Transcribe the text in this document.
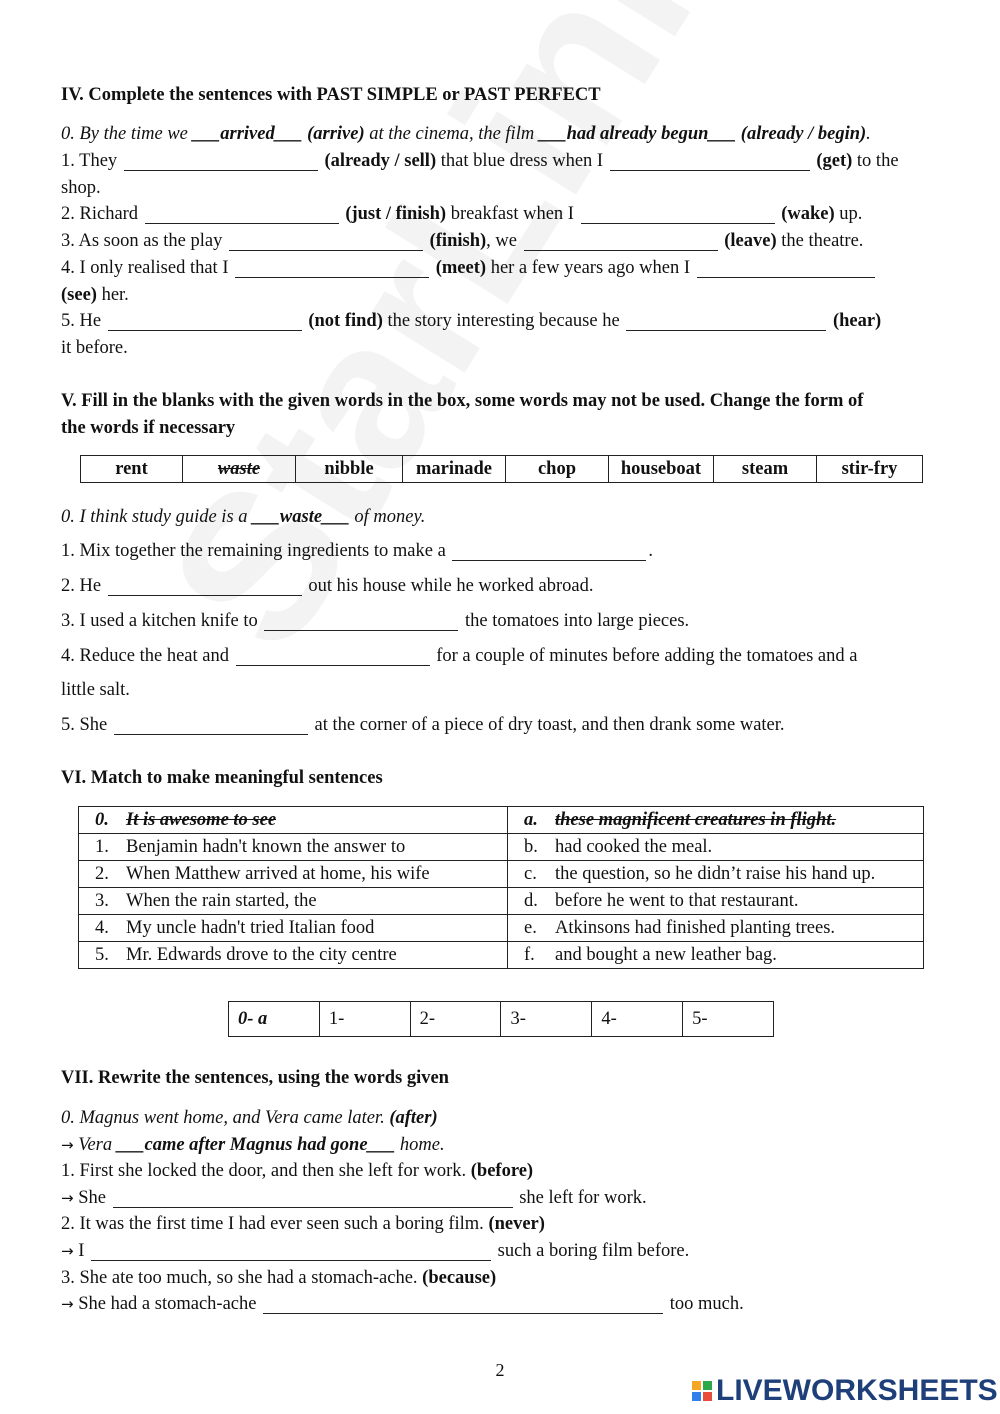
IV. Complete the sentences with PAST SIMPLE or PAST PERFECT
0. By the time we ___arrived___ (arrive) at the cinema, the film ___had already begun___ (already / begin).
1. They	(already / sell) that blue dress when I	(get) to the
shop.
2. Richard	(just / finish) breakfast when I	(wake) up.
3. As soon as the play	(finish), we	(leave) the theatre.
4. I only realised that I	(meet) her a few years ago when I
(see) her.
5. He	(not find) the story interesting because he	(hear)
it before.
V. Fill in the blanks with the given words in the box, some words may not be used. Change the form of
the words if necessary
rent	waste	nibble	marinade	chop	houseboat	steam	stir-fry
0. I think study guide is a ___waste___ of money.
1. Mix together the remaining ingredients to make a	.
2. He	out his house while he worked abroad.
3. I used a kitchen knife to	the tomatoes into large pieces.
4. Reduce the heat and	for a couple of minutes before adding the tomatoes and a
little salt.
5. She	at the corner of a piece of dry toast, and then drank some water.
VI. Match to make meaningful sentences
0. It is awesome to see	a. these magnificent creatures in flight.
1. Benjamin hadn't known the answer to	b. had cooked the meal.
2. When Matthew arrived at home, his wife	c. the question, so he didn’t raise his hand up.
3. When the rain started, the	d. before he went to that restaurant.
4. My uncle hadn't tried Italian food	e. Atkinsons had finished planting trees.
5. Mr. Edwards drove to the city centre	f. and bought a new leather bag.
0- a	1-	2-	3-	4-	5-
VII. Rewrite the sentences, using the words given
0. Magnus went home, and Vera came later. (after)
→ Vera ___came after Magnus had gone___ home.
1. First she locked the door, and then she left for work. (before)
→ She	she left for work.
2. It was the first time I had ever seen such a boring film. (never)
→ I	such a boring film before.
3. She ate too much, so she had a stomach-ache. (because)
→ She had a stomach-ache	too much.
2
LIVEWORKSHEETS
